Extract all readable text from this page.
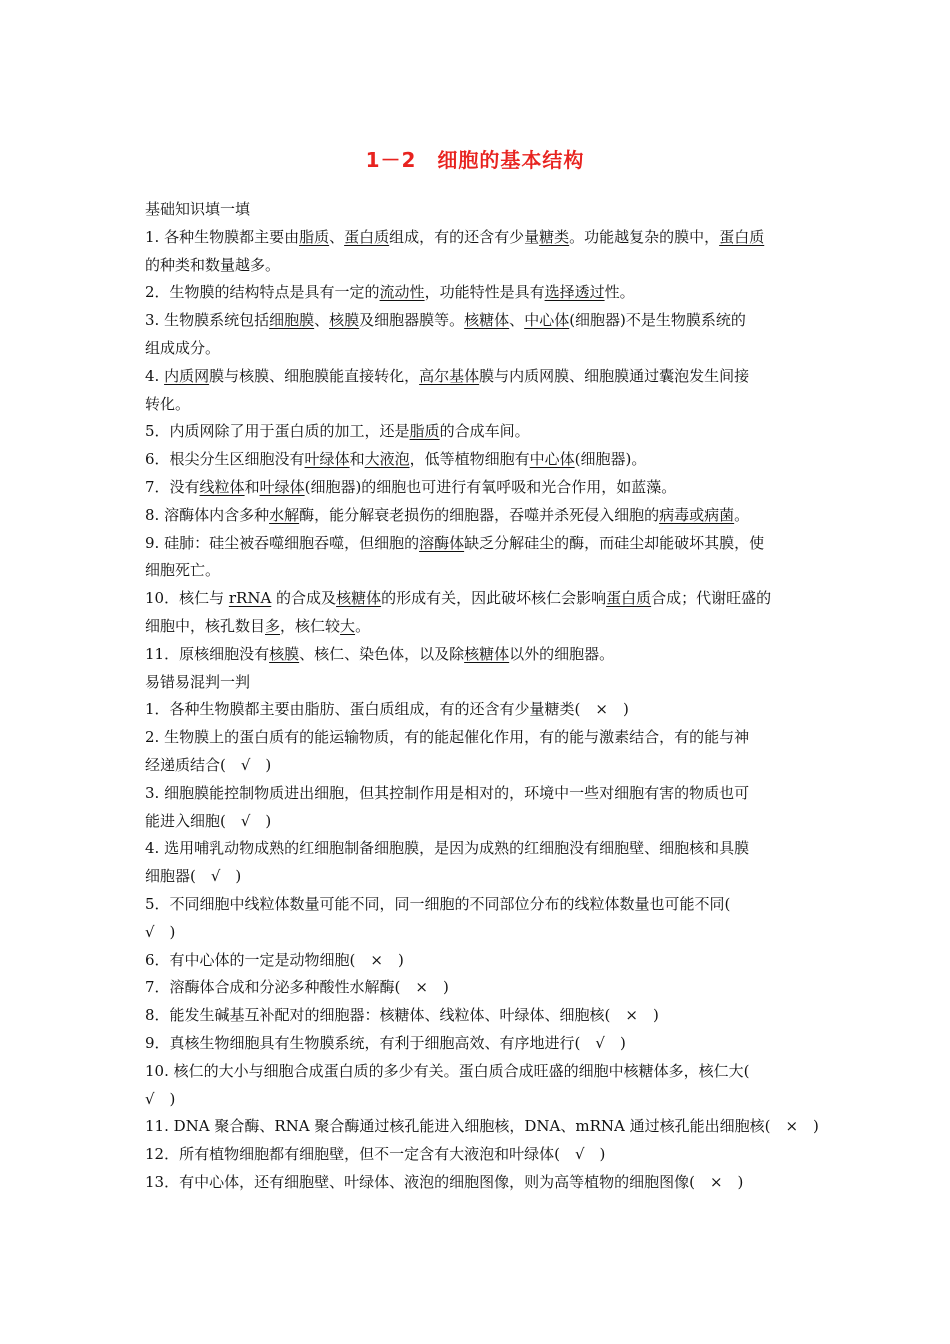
1－2　细胞的基本结构
基础知识填一填
1. 各种生物膜都主要由脂质、蛋白质组成，有的还含有少量糖类。功能越复杂的膜中，蛋白质
的种类和数量越多。
2．生物膜的结构特点是具有一定的流动性，功能特性是具有选择透过性。
3. 生物膜系统包括细胞膜、核膜及细胞器膜等。核糖体、中心体(细胞器)不是生物膜系统的
组成成分。
4. 内质网膜与核膜、细胞膜能直接转化，高尔基体膜与内质网膜、细胞膜通过囊泡发生间接
转化。
5．内质网除了用于蛋白质的加工，还是脂质的合成车间。
6．根尖分生区细胞没有叶绿体和大液泡，低等植物细胞有中心体(细胞器)。
7．没有线粒体和叶绿体(细胞器)的细胞也可进行有氧呼吸和光合作用，如蓝藻。
8. 溶酶体内含多种水解酶，能分解衰老损伤的细胞器，吞噬并杀死侵入细胞的病毒或病菌。
9. 硅肺：硅尘被吞噬细胞吞噬，但细胞的溶酶体缺乏分解硅尘的酶，而硅尘却能破坏其膜，使
细胞死亡。
10．核仁与 rRNA 的合成及核糖体的形成有关，因此破坏核仁会影响蛋白质合成；代谢旺盛的
细胞中，核孔数目多，核仁较大。
11．原核细胞没有核膜、核仁、染色体，以及除核糖体以外的细胞器。
易错易混判一判
1．各种生物膜都主要由脂肪、蛋白质组成，有的还含有少量糖类(　×　)
2. 生物膜上的蛋白质有的能运输物质，有的能起催化作用，有的能与激素结合，有的能与神
经递质结合(　√　)
3. 细胞膜能控制物质进出细胞，但其控制作用是相对的，环境中一些对细胞有害的物质也可
能进入细胞(　√　)
4. 选用哺乳动物成熟的红细胞制备细胞膜，是因为成熟的红细胞没有细胞壁、细胞核和具膜
细胞器(　√　)
5．不同细胞中线粒体数量可能不同，同一细胞的不同部位分布的线粒体数量也可能不同(
√　)
6．有中心体的一定是动物细胞(　×　)
7．溶酶体合成和分泌多种酸性水解酶(　×　)
8．能发生碱基互补配对的细胞器：核糖体、线粒体、叶绿体、细胞核(　×　)
9．真核生物细胞具有生物膜系统，有利于细胞高效、有序地进行(　√　)
10. 核仁的大小与细胞合成蛋白质的多少有关。蛋白质合成旺盛的细胞中核糖体多，核仁大(
√　)
11. DNA 聚合酶、RNA 聚合酶通过核孔能进入细胞核，DNA、mRNA 通过核孔能出细胞核(　×　)
12．所有植物细胞都有细胞壁，但不一定含有大液泡和叶绿体(　√　)
13．有中心体，还有细胞壁、叶绿体、液泡的细胞图像，则为高等植物的细胞图像(　×　)
